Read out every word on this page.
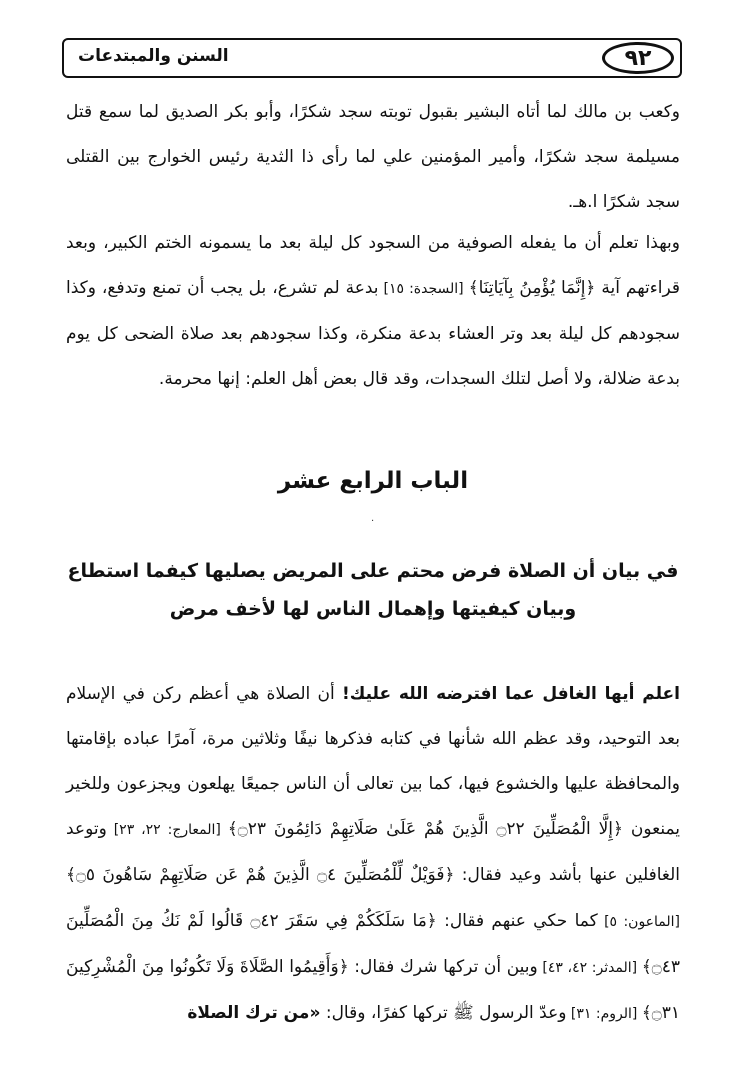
السنن والمبتدعات	٩٢

وكعب بن مالك لما أتاه البشير بقبول توبته سجد شكرًا، وأبو بكر الصديق لما سمع قتل مسيلمة سجد شكرًا، وأمير المؤمنين علي لما رأى ذا الثدية رئيس الخوارج بين القتلى سجد شكرًا ا.هـ.

وبهذا تعلم أن ما يفعله الصوفية من السجود كل ليلة بعد ما يسمونه الختم الكبير، وبعد قراءتهم آية ﴿إِنَّمَا يُؤْمِنُ بِآيَاتِنَا﴾ [السجدة: ١٥] بدعة لم تشرع، بل يجب أن تمنع وتدفع، وكذا سجودهم كل ليلة بعد وتر العشاء بدعة منكرة، وكذا سجودهم بعد صلاة الضحى كل يوم بدعة ضلالة، ولا أصل لتلك السجدات، وقد قال بعض أهل العلم: إنها محرمة.

الباب الرابع عشر
·

في بيان أن الصلاة فرض محتم على المريض يصليها كيفما استطاع

وبيان كيفيتها وإهمال الناس لها لأخف مرض

اعلم أيها الغافل عما افترضه الله عليك! أن الصلاة هي أعظم ركن في الإسلام بعد التوحيد، وقد عظم الله شأنها في كتابه فذكرها نيفًا وثلاثين مرة، آمرًا عباده بإقامتها والمحافظة عليها والخشوع فيها، كما بين تعالى أن الناس جميعًا يهلعون ويجزعون وللخير يمنعون ﴿إِلَّا الْمُصَلِّينَ ۝٢٢ الَّذِينَ هُمْ عَلَىٰ صَلَاتِهِمْ دَائِمُونَ ۝٢٣﴾ [المعارج: ٢٢، ٢٣] وتوعد الغافلين عنها بأشد وعيد فقال: ﴿فَوَيْلٌ لِّلْمُصَلِّينَ ۝٤ الَّذِينَ هُمْ عَن صَلَاتِهِمْ سَاهُونَ ۝٥﴾ [الماعون: ٥] كما حكي عنهم فقال: ﴿مَا سَلَكَكُمْ فِي سَقَرَ ۝٤٢ قَالُوا لَمْ نَكُ مِنَ الْمُصَلِّينَ ۝٤٣﴾ [المدثر: ٤٢، ٤٣] وبين أن تركها شرك فقال: ﴿وَأَقِيمُوا الصَّلَاةَ وَلَا تَكُونُوا مِنَ الْمُشْرِكِينَ ۝٣١﴾ [الروم: ٣١] وعدّ الرسول ﷺ تركها كفرًا، وقال: «من ترك الصلاة
